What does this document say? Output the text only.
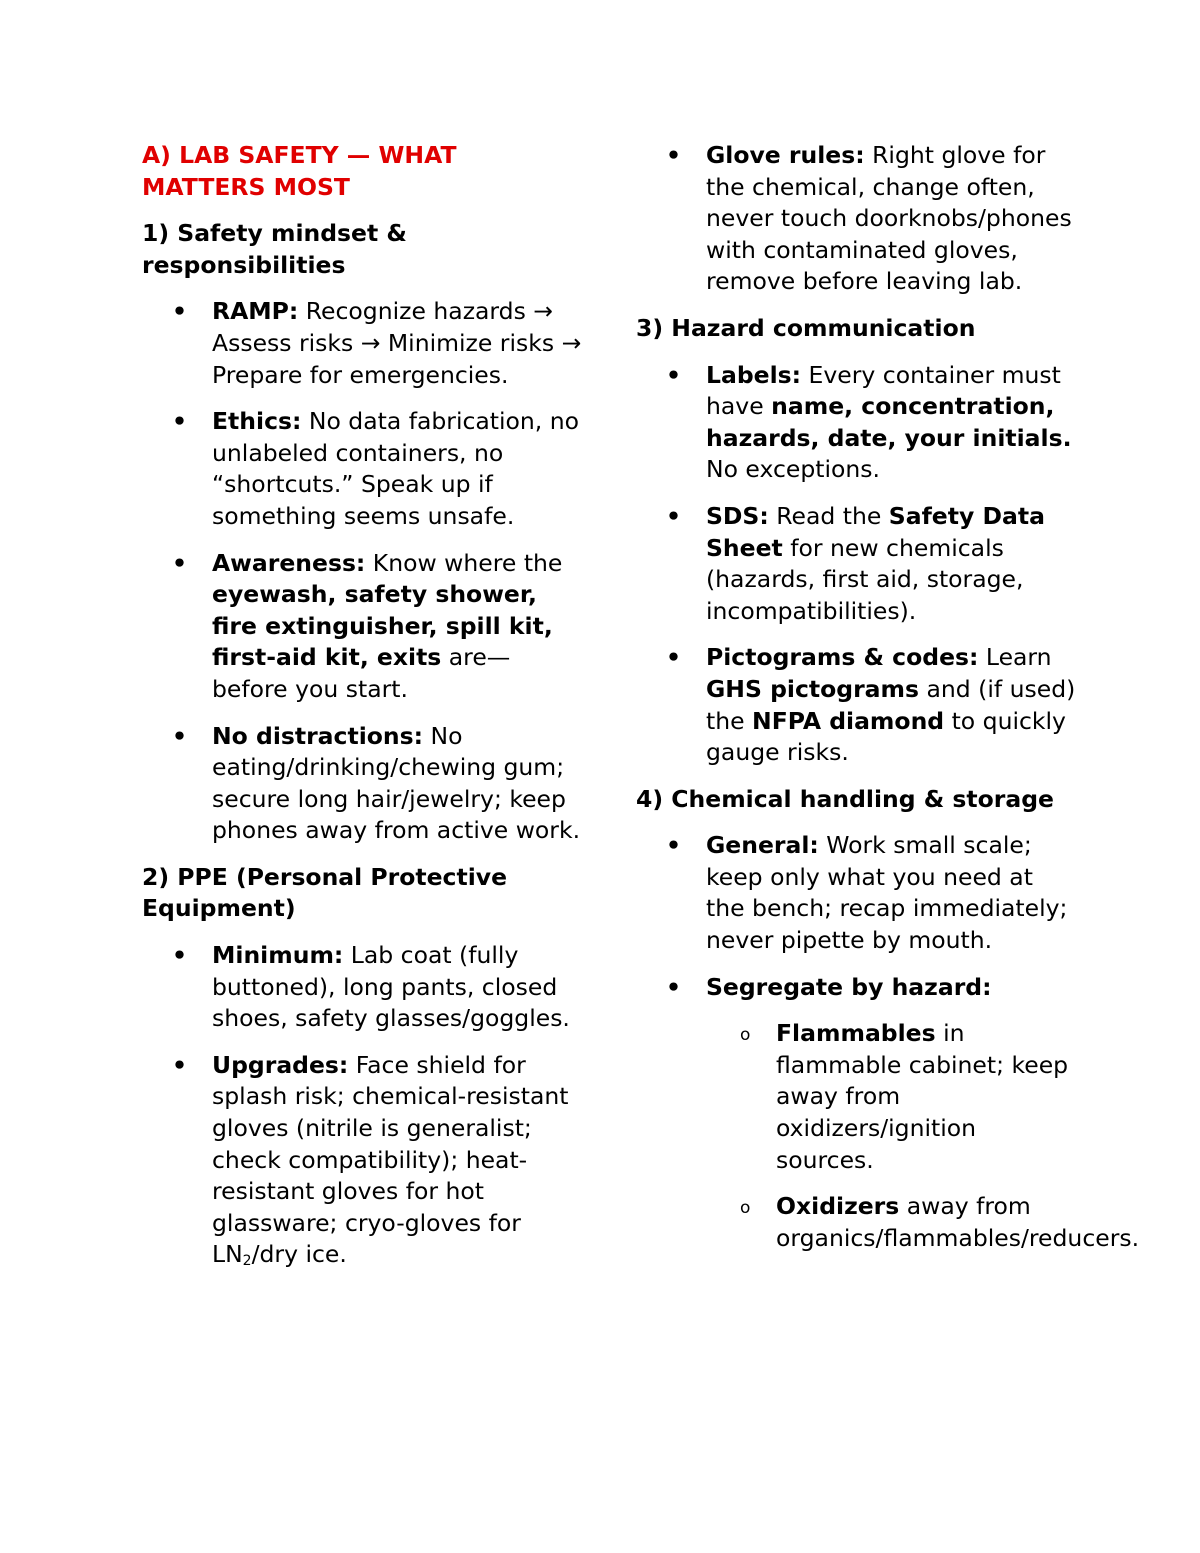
A) LAB SAFETY — WHAT MATTERS MOST
1) Safety mindset & responsibilities
• RAMP: Recognize hazards → Assess risks → Minimize risks → Prepare for emergencies.
• Ethics: No data fabrication, no unlabeled containers, no “shortcuts.” Speak up if something seems unsafe.
• Awareness: Know where the eyewash, safety shower, fire extinguisher, spill kit, first-aid kit, exits are—before you start.
• No distractions: No eating/drinking/chewing gum; secure long hair/jewelry; keep phones away from active work.
2) PPE (Personal Protective Equipment)
• Minimum: Lab coat (fully buttoned), long pants, closed shoes, safety glasses/goggles.
• Upgrades: Face shield for splash risk; chemical-resistant gloves (nitrile is generalist; check compatibility); heat-resistant gloves for hot glassware; cryo-gloves for $LN_2$/dry ice.
• Glove rules: Right glove for the chemical, change often, never touch doorknobs/phones with contaminated gloves, remove before leaving lab.
3) Hazard communication
• Labels: Every container must have name, concentration, hazards, date, your initials. No exceptions.
• SDS: Read the Safety Data Sheet for new chemicals (hazards, first aid, storage, incompatibilities).
• Pictograms & codes: Learn GHS pictograms and (if used) the NFPA diamond to quickly gauge risks.
4) Chemical handling & storage
• General: Work small scale; keep only what you need at the bench; recap immediately; never pipette by mouth.
• Segregate by hazard:
o Flammables in flammable cabinet; keep away from oxidizers/ignition sources.
o Oxidizers away from organics/flammables/reducers.
